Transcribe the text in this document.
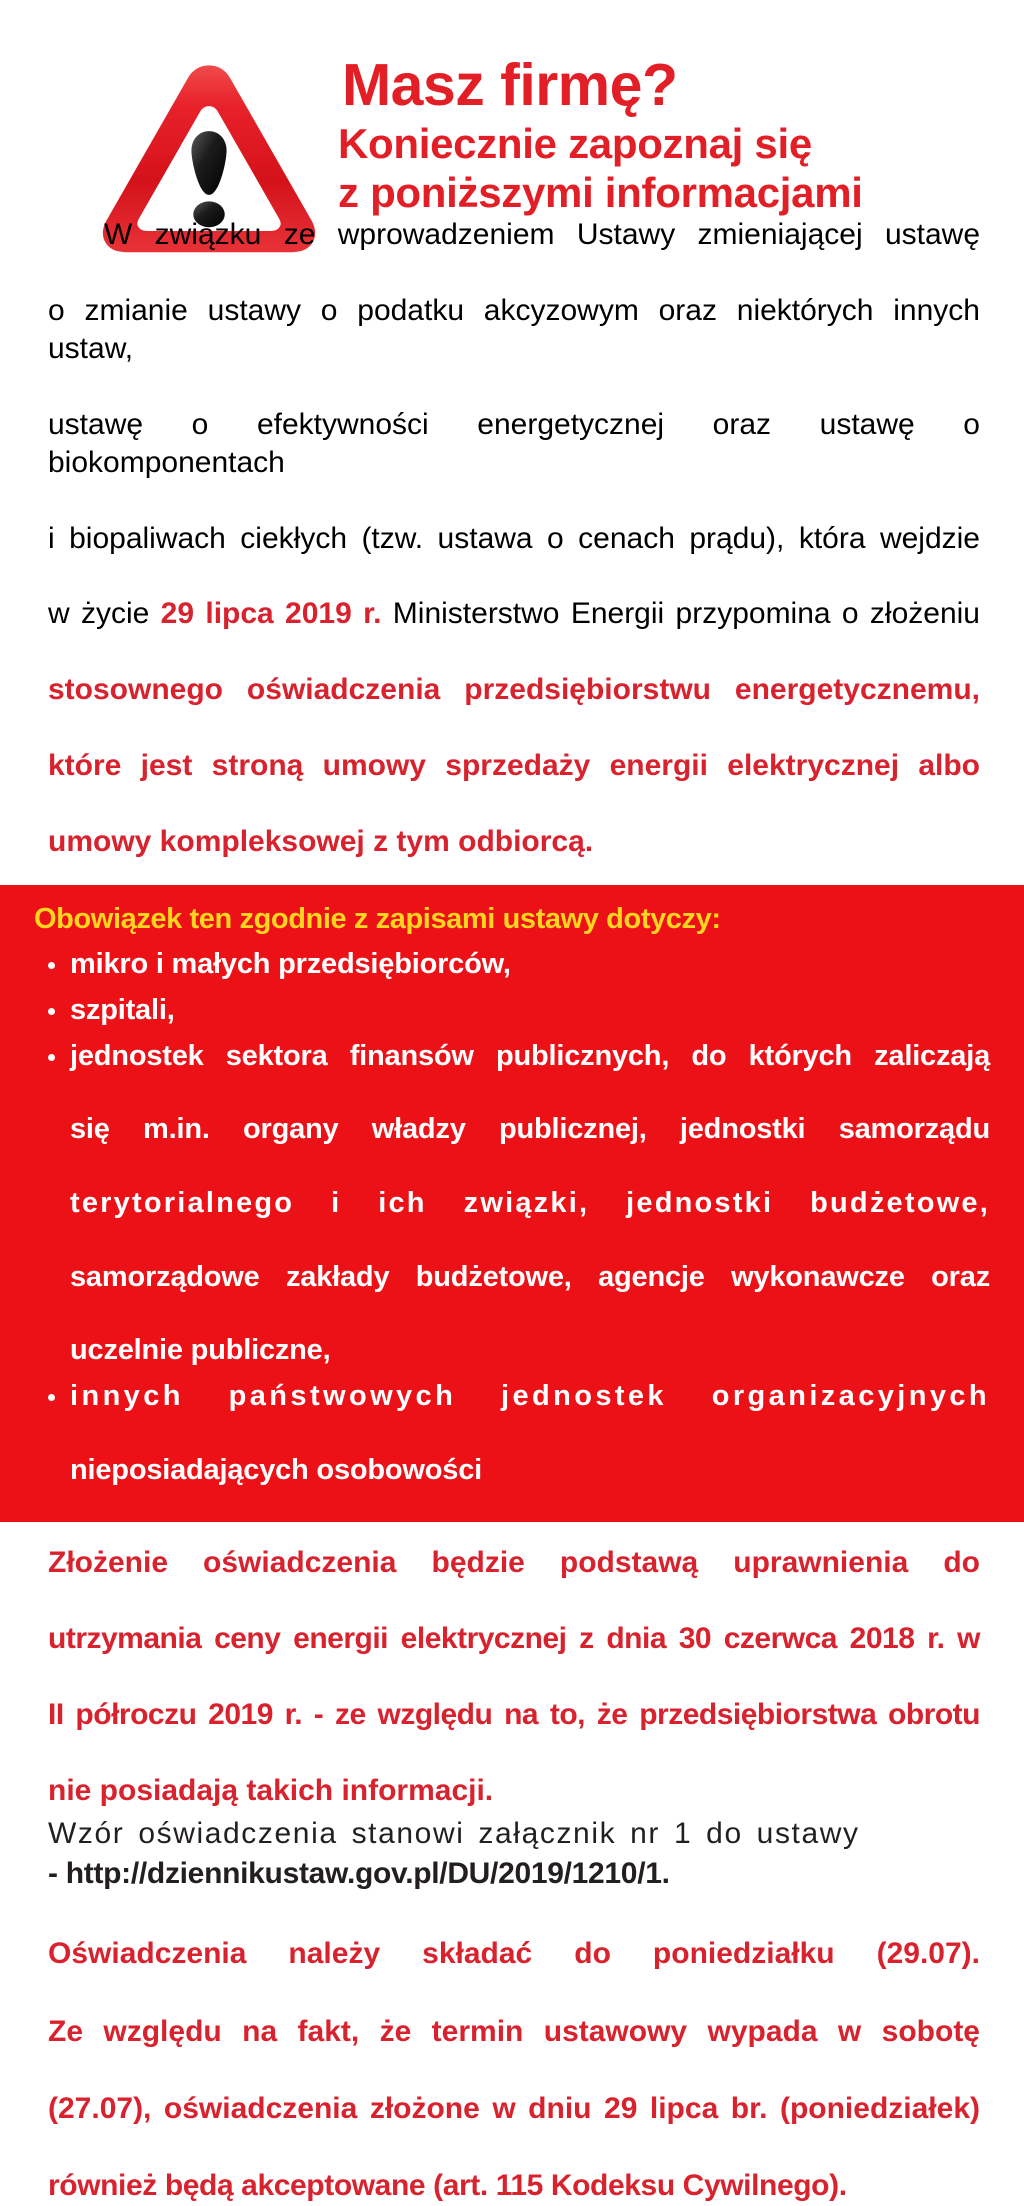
Masz firmę?
Koniecznie zapoznaj się
z poniższymi informacjami
W związku ze wprowadzeniem Ustawy zmieniającej ustawę
o zmianie ustawy o podatku akcyzowym oraz niektórych innych ustaw,
ustawę o efektywności energetycznej oraz ustawę o biokomponentach
i biopaliwach ciekłych (tzw. ustawa o cenach prądu), która wejdzie
w życie 29 lipca 2019 r. Ministerstwo Energii przypomina o złożeniu
stosownego oświadczenia przedsiębiorstwu energetycznemu,
które jest stroną umowy sprzedaży energii elektrycznej albo
umowy kompleksowej z tym odbiorcą.
Obowiązek ten zgodnie z zapisami ustawy dotyczy:
mikro i małych przedsiębiorców,
szpitali,
jednostek sektora finansów publicznych, do których zaliczają
się m.in. organy władzy publicznej, jednostki samorządu
terytorialnego i ich związki, jednostki budżetowe,
samorządowe zakłady budżetowe, agencje wykonawcze oraz
uczelnie publiczne,
innych państwowych jednostek organizacyjnych
nieposiadających osobowości
Złożenie oświadczenia będzie podstawą uprawnienia do
utrzymania ceny energii elektrycznej z dnia 30 czerwca 2018 r. w
II półroczu 2019 r. - ze względu na to, że przedsiębiorstwa obrotu
nie posiadają takich informacji.
Wzór oświadczenia stanowi załącznik nr 1 do ustawy
- http://dziennikustaw.gov.pl/DU/2019/1210/1.
Oświadczenia należy składać do poniedziałku (29.07).
Ze względu na fakt, że termin ustawowy wypada w sobotę
(27.07), oświadczenia złożone w dniu 29 lipca br. (poniedziałek)
również będą akceptowane (art. 115 Kodeksu Cywilnego).
